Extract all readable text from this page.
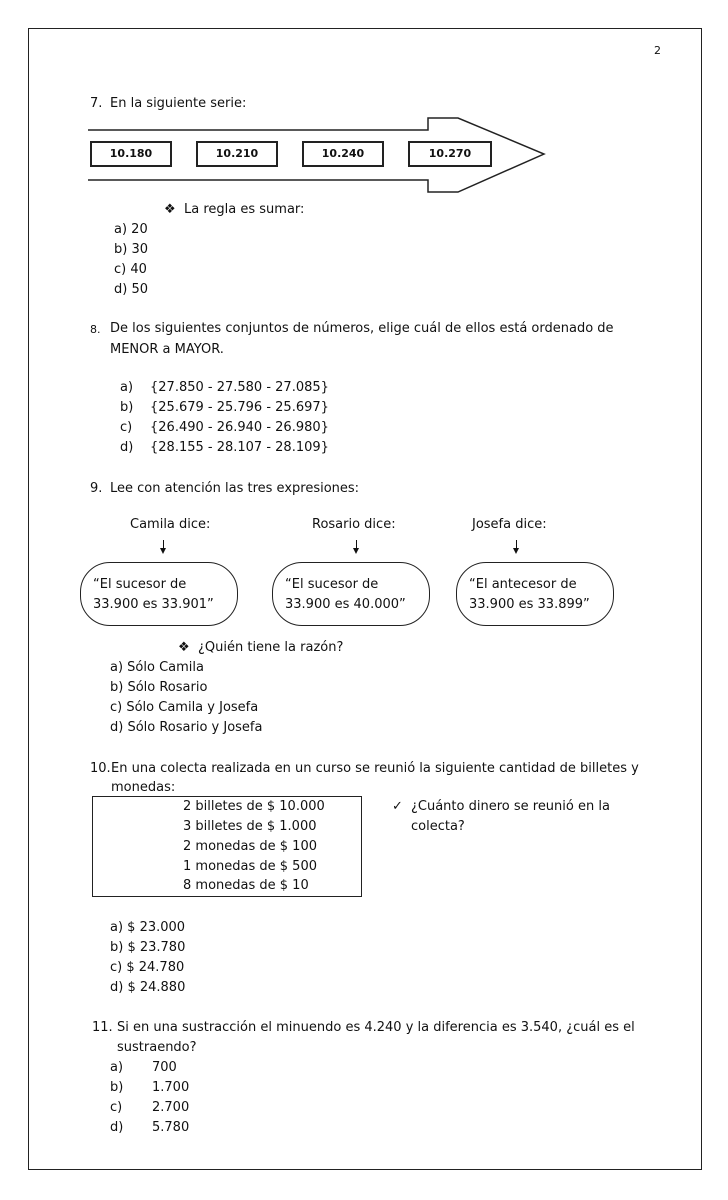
2
7. En la siguiente serie:
10.180	10.210	10.240	10.270
❖ La regla es sumar:
a) 20
b) 30
c) 40
d) 50
8. De los siguientes conjuntos de números, elige cuál de ellos está ordenado de
MENOR a MAYOR.
a) {27.850 - 27.580 - 27.085}
b) {25.679 - 25.796 - 25.697}
c) {26.490 - 26.940 - 26.980}
d) {28.155 - 28.107 - 28.109}
9. Lee con atención las tres expresiones:
Camila dice:	Rosario dice:	Josefa dice:
“El sucesor de
33.900 es 33.901”
“El sucesor de
33.900 es 40.000”
“El antecesor de
33.900 es 33.899”
❖ ¿Quién tiene la razón?
a) Sólo Camila
b) Sólo Rosario
c) Sólo Camila y Josefa
d) Sólo Rosario y Josefa
10. En una colecta realizada en un curso se reunió la siguiente cantidad de billetes y
monedas:
2 billetes de $ 10.000
3 billetes de $ 1.000
2 monedas de $ 100
1 monedas de $ 500
8 monedas de $ 10
✓ ¿Cuánto dinero se reunió en la
colecta?
a) $ 23.000
b) $ 23.780
c) $ 24.780
d) $ 24.880
11. Si en una sustracción el minuendo es 4.240 y la diferencia es 3.540, ¿cuál es el
sustraendo?
a) 700
b) 1.700
c) 2.700
d) 5.780
